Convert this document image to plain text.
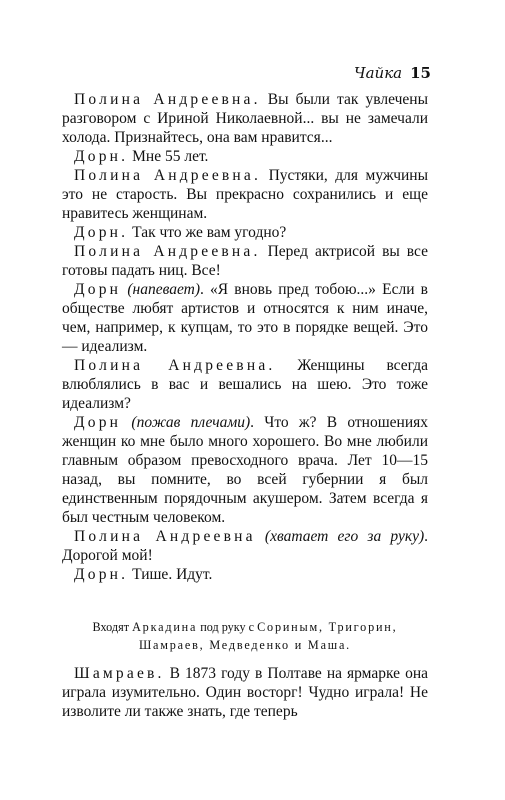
Чайка 15

Полина Андреевна. Вы были так увлечены разговором с Ириной Николаевной... вы не замечали холода. Признайтесь, она вам нравится...

Дорн. Мне 55 лет.

Полина Андреевна. Пустяки, для мужчины это не старость. Вы прекрасно сохранились и еще нравитесь женщинам.

Дорн. Так что же вам угодно?

Полина Андреевна. Перед актрисой вы все готовы падать ниц. Все!

Дорн (напевает). «Я вновь пред тобою...» Если в обществе любят артистов и относятся к ним иначе, чем, например, к купцам, то это в порядке вещей. Это — идеализм.

Полина Андреевна. Женщины всегда влюблялись в вас и вешались на шею. Это тоже идеализм?

Дорн (пожав плечами). Что ж? В отношениях женщин ко мне было много хорошего. Во мне любили главным образом превосходного врача. Лет 10—15 назад, вы помните, во всей губернии я был единственным порядочным акушером. Затем всегда я был честным человеком.

Полина Андреевна (хватает его за руку). Дорогой мой!

Дорн. Тише. Идут.

Входят Аркадина под руку с Сориным, Тригорин, Шамраев, Медведенко и Маша.

Шамраев. В 1873 году в Полтаве на ярмарке она играла изумительно. Один восторг! Чудно играла! Не изволите ли также знать, где теперь
